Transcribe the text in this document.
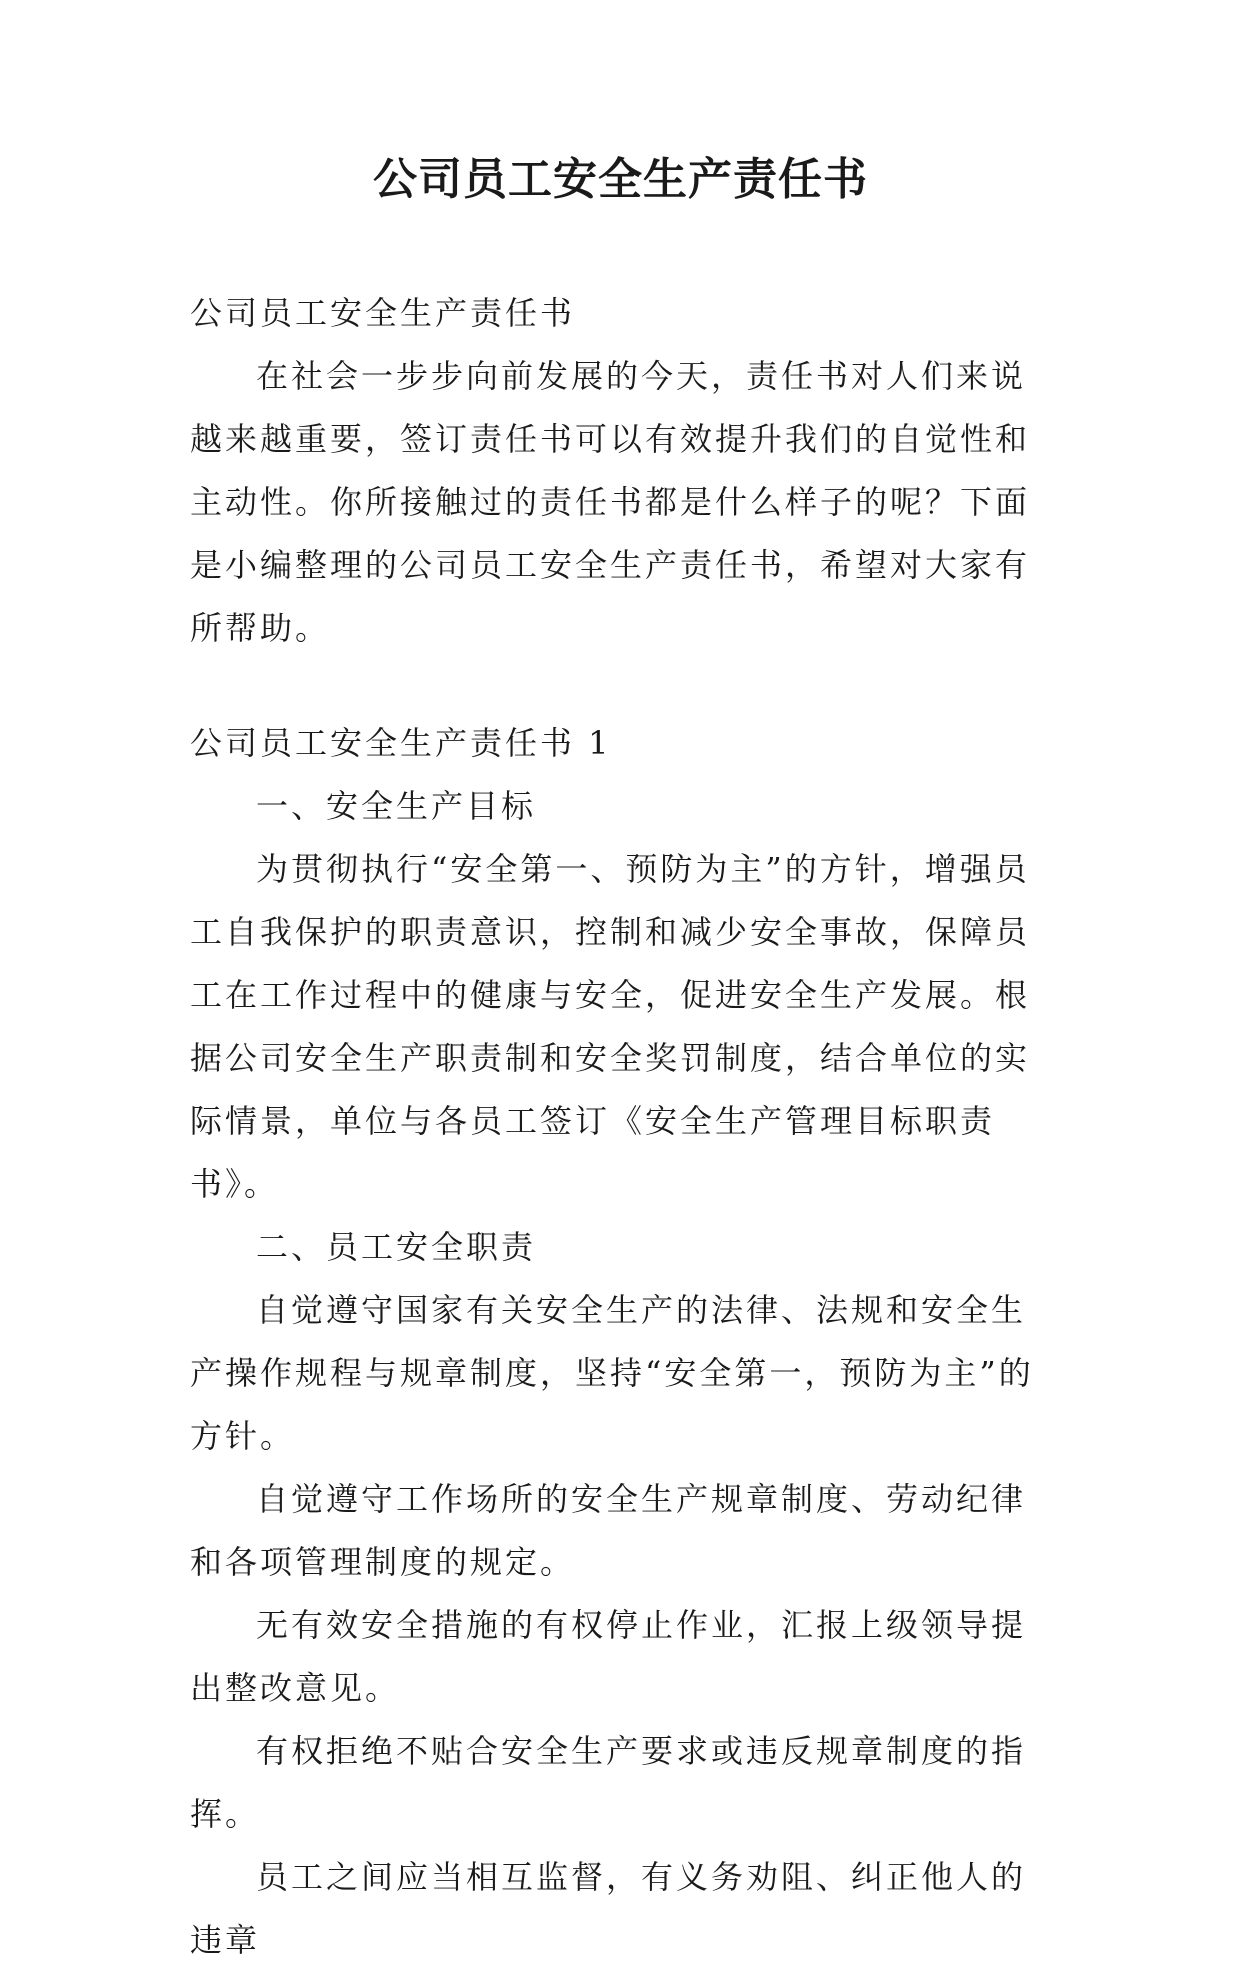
公司员工安全生产责任书

公司员工安全生产责任书

在社会一步步向前发展的今天，责任书对人们来说越来越重要，签订责任书可以有效提升我们的自觉性和主动性。你所接触过的责任书都是什么样子的呢？下面是小编整理的公司员工安全生产责任书，希望对大家有所帮助。

公司员工安全生产责任书 1

一、安全生产目标

为贯彻执行“安全第一、预防为主”的方针，增强员工自我保护的职责意识，控制和减少安全事故，保障员工在工作过程中的健康与安全，促进安全生产发展。根据公司安全生产职责制和安全奖罚制度，结合单位的实际情景，单位与各员工签订《安全生产管理目标职责书》。

二、员工安全职责

自觉遵守国家有关安全生产的法律、法规和安全生产操作规程与规章制度，坚持“安全第一，预防为主”的方针。

自觉遵守工作场所的安全生产规章制度、劳动纪律和各项管理制度的规定。

无有效安全措施的有权停止作业，汇报上级领导提出整改意见。

有权拒绝不贴合安全生产要求或违反规章制度的指挥。

员工之间应当相互监督，有义务劝阻、纠正他人的违章
